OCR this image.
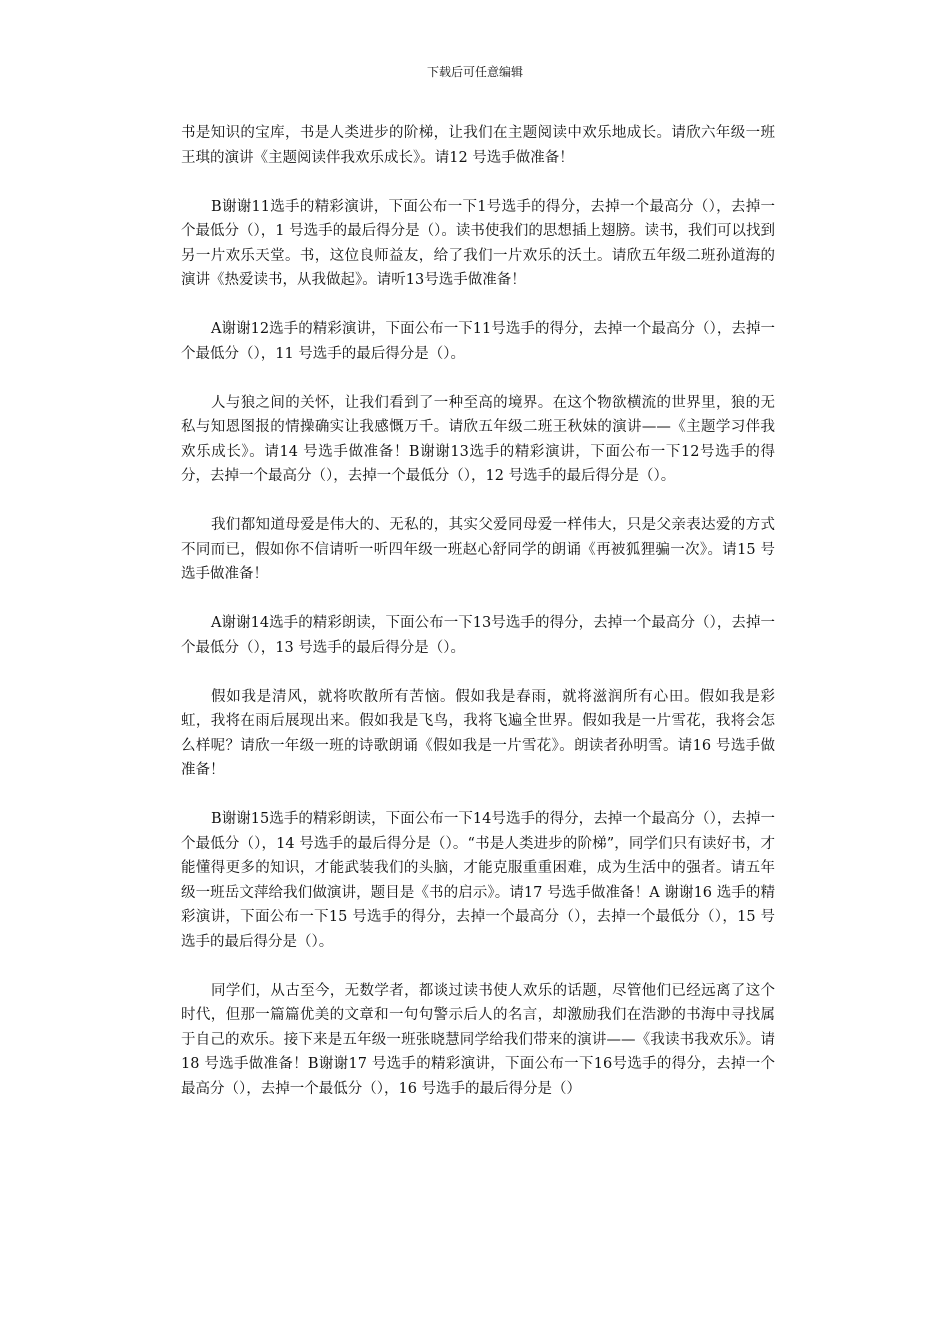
下载后可任意编辑

书是知识的宝库，书是人类进步的阶梯，让我们在主题阅读中欢乐地成长。请欣六年级一班王琪的演讲《主题阅读伴我欢乐成长》。请12 号选手做准备！

B谢谢11选手的精彩演讲，下面公布一下1号选手的得分，去掉一个最高分（），去掉一个最低分（），1 号选手的最后得分是（）。读书使我们的思想插上翅膀。读书，我们可以找到另一片欢乐天堂。书，这位良师益友，给了我们一片欢乐的沃土。请欣五年级二班孙道海的演讲《热爱读书，从我做起》。请听13号选手做准备！

A谢谢12选手的精彩演讲，下面公布一下11号选手的得分，去掉一个最高分（），去掉一个最低分（），11 号选手的最后得分是（）。

人与狼之间的关怀，让我们看到了一种至高的境界。在这个物欲横流的世界里，狼的无私与知恩图报的情操确实让我感慨万千。请欣五年级二班王秋妹的演讲——《主题学习伴我欢乐成长》。请14 号选手做准备！B谢谢13选手的精彩演讲，下面公布一下12号选手的得分，去掉一个最高分（），去掉一个最低分（），12 号选手的最后得分是（）。

我们都知道母爱是伟大的、无私的，其实父爱同母爱一样伟大，只是父亲表达爱的方式不同而已，假如你不信请听一听四年级一班赵心舒同学的朗诵《再被狐狸骗一次》。请15 号选手做准备！

A谢谢14选手的精彩朗读，下面公布一下13号选手的得分，去掉一个最高分（），去掉一个最低分（），13 号选手的最后得分是（）。

假如我是清风，就将吹散所有苦恼。假如我是春雨，就将滋润所有心田。假如我是彩虹，我将在雨后展现出来。假如我是飞鸟，我将飞遍全世界。假如我是一片雪花，我将会怎么样呢？请欣一年级一班的诗歌朗诵《假如我是一片雪花》。朗读者孙明雪。请16 号选手做准备！

B谢谢15选手的精彩朗读，下面公布一下14号选手的得分，去掉一个最高分（），去掉一个最低分（），14 号选手的最后得分是（）。“书是人类进步的阶梯”，同学们只有读好书，才能懂得更多的知识，才能武装我们的头脑，才能克服重重困难，成为生活中的强者。请五年级一班岳文萍给我们做演讲，题目是《书的启示》。请17 号选手做准备！A 谢谢16 选手的精彩演讲，下面公布一下15 号选手的得分，去掉一个最高分（），去掉一个最低分（），15 号选手的最后得分是（）。

同学们，从古至今，无数学者，都谈过读书使人欢乐的话题，尽管他们已经远离了这个时代，但那一篇篇优美的文章和一句句警示后人的名言，却激励我们在浩渺的书海中寻找属于自己的欢乐。接下来是五年级一班张晓慧同学给我们带来的演讲——《我读书我欢乐》。请18 号选手做准备！B谢谢17 号选手的精彩演讲，下面公布一下16号选手的得分，去掉一个最高分（），去掉一个最低分（），16 号选手的最后得分是（）
